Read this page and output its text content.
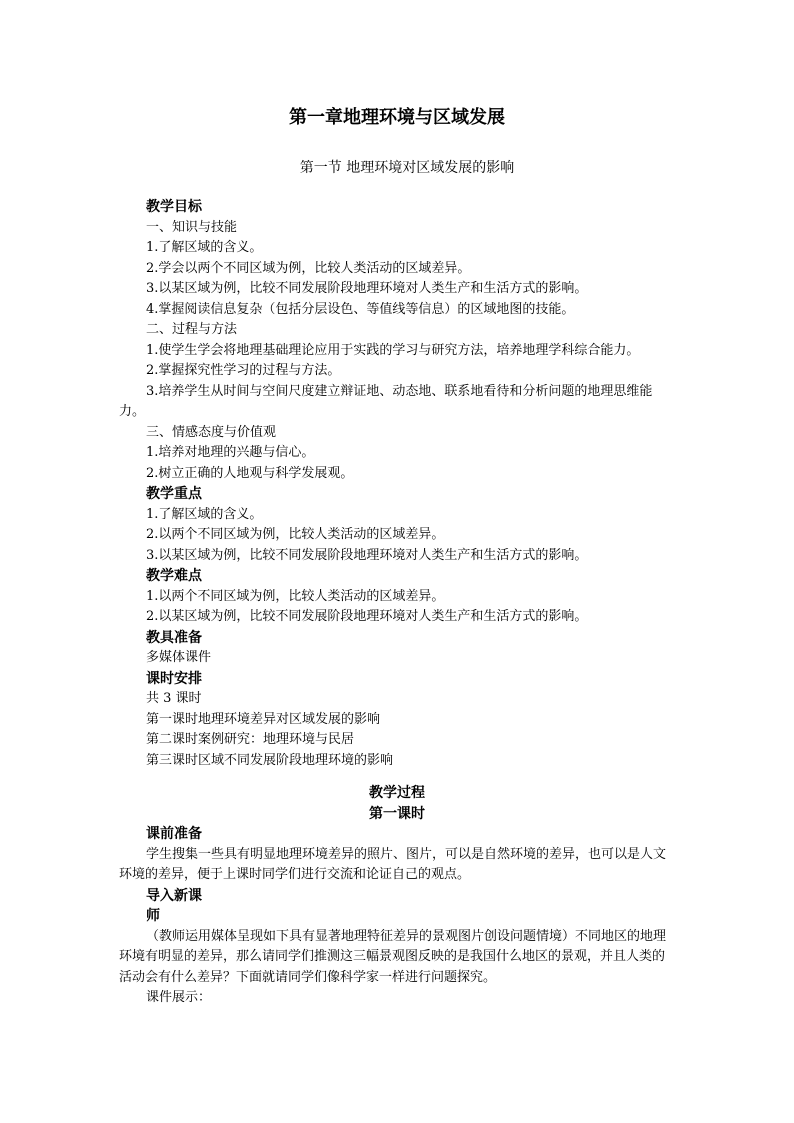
第一章地理环境与区域发展
第一节 地理环境对区域发展的影响

教学目标

一、知识与技能

1.了解区域的含义。

2.学会以两个不同区域为例，比较人类活动的区域差异。

3.以某区域为例，比较不同发展阶段地理环境对人类生产和生活方式的影响。

4.掌握阅读信息复杂（包括分层设色、等值线等信息）的区域地图的技能。

二、过程与方法

1.使学生学会将地理基础理论应用于实践的学习与研究方法，培养地理学科综合能力。

2.掌握探究性学习的过程与方法。

3.培养学生从时间与空间尺度建立辩证地、动态地、联系地看待和分析问题的地理思维能力。

三、情感态度与价值观

1.培养对地理的兴趣与信心。

2.树立正确的人地观与科学发展观。

教学重点

1.了解区域的含义。

2.以两个不同区域为例，比较人类活动的区域差异。

3.以某区域为例，比较不同发展阶段地理环境对人类生产和生活方式的影响。

教学难点

1.以两个不同区域为例，比较人类活动的区域差异。

2.以某区域为例，比较不同发展阶段地理环境对人类生产和生活方式的影响。

教具准备

多媒体课件

课时安排

共 3 课时

第一课时地理环境差异对区域发展的影响

第二课时案例研究：地理环境与民居

第三课时区域不同发展阶段地理环境的影响

教学过程

第一课时

课前准备

学生搜集一些具有明显地理环境差异的照片、图片，可以是自然环境的差异，也可以是人文环境的差异，便于上课时同学们进行交流和论证自己的观点。

导入新课

师

（教师运用媒体呈现如下具有显著地理特征差异的景观图片创设问题情境）不同地区的地理环境有明显的差异，那么请同学们推测这三幅景观图反映的是我国什么地区的景观，并且人类的活动会有什么差异？下面就请同学们像科学家一样进行问题探究。

课件展示：
